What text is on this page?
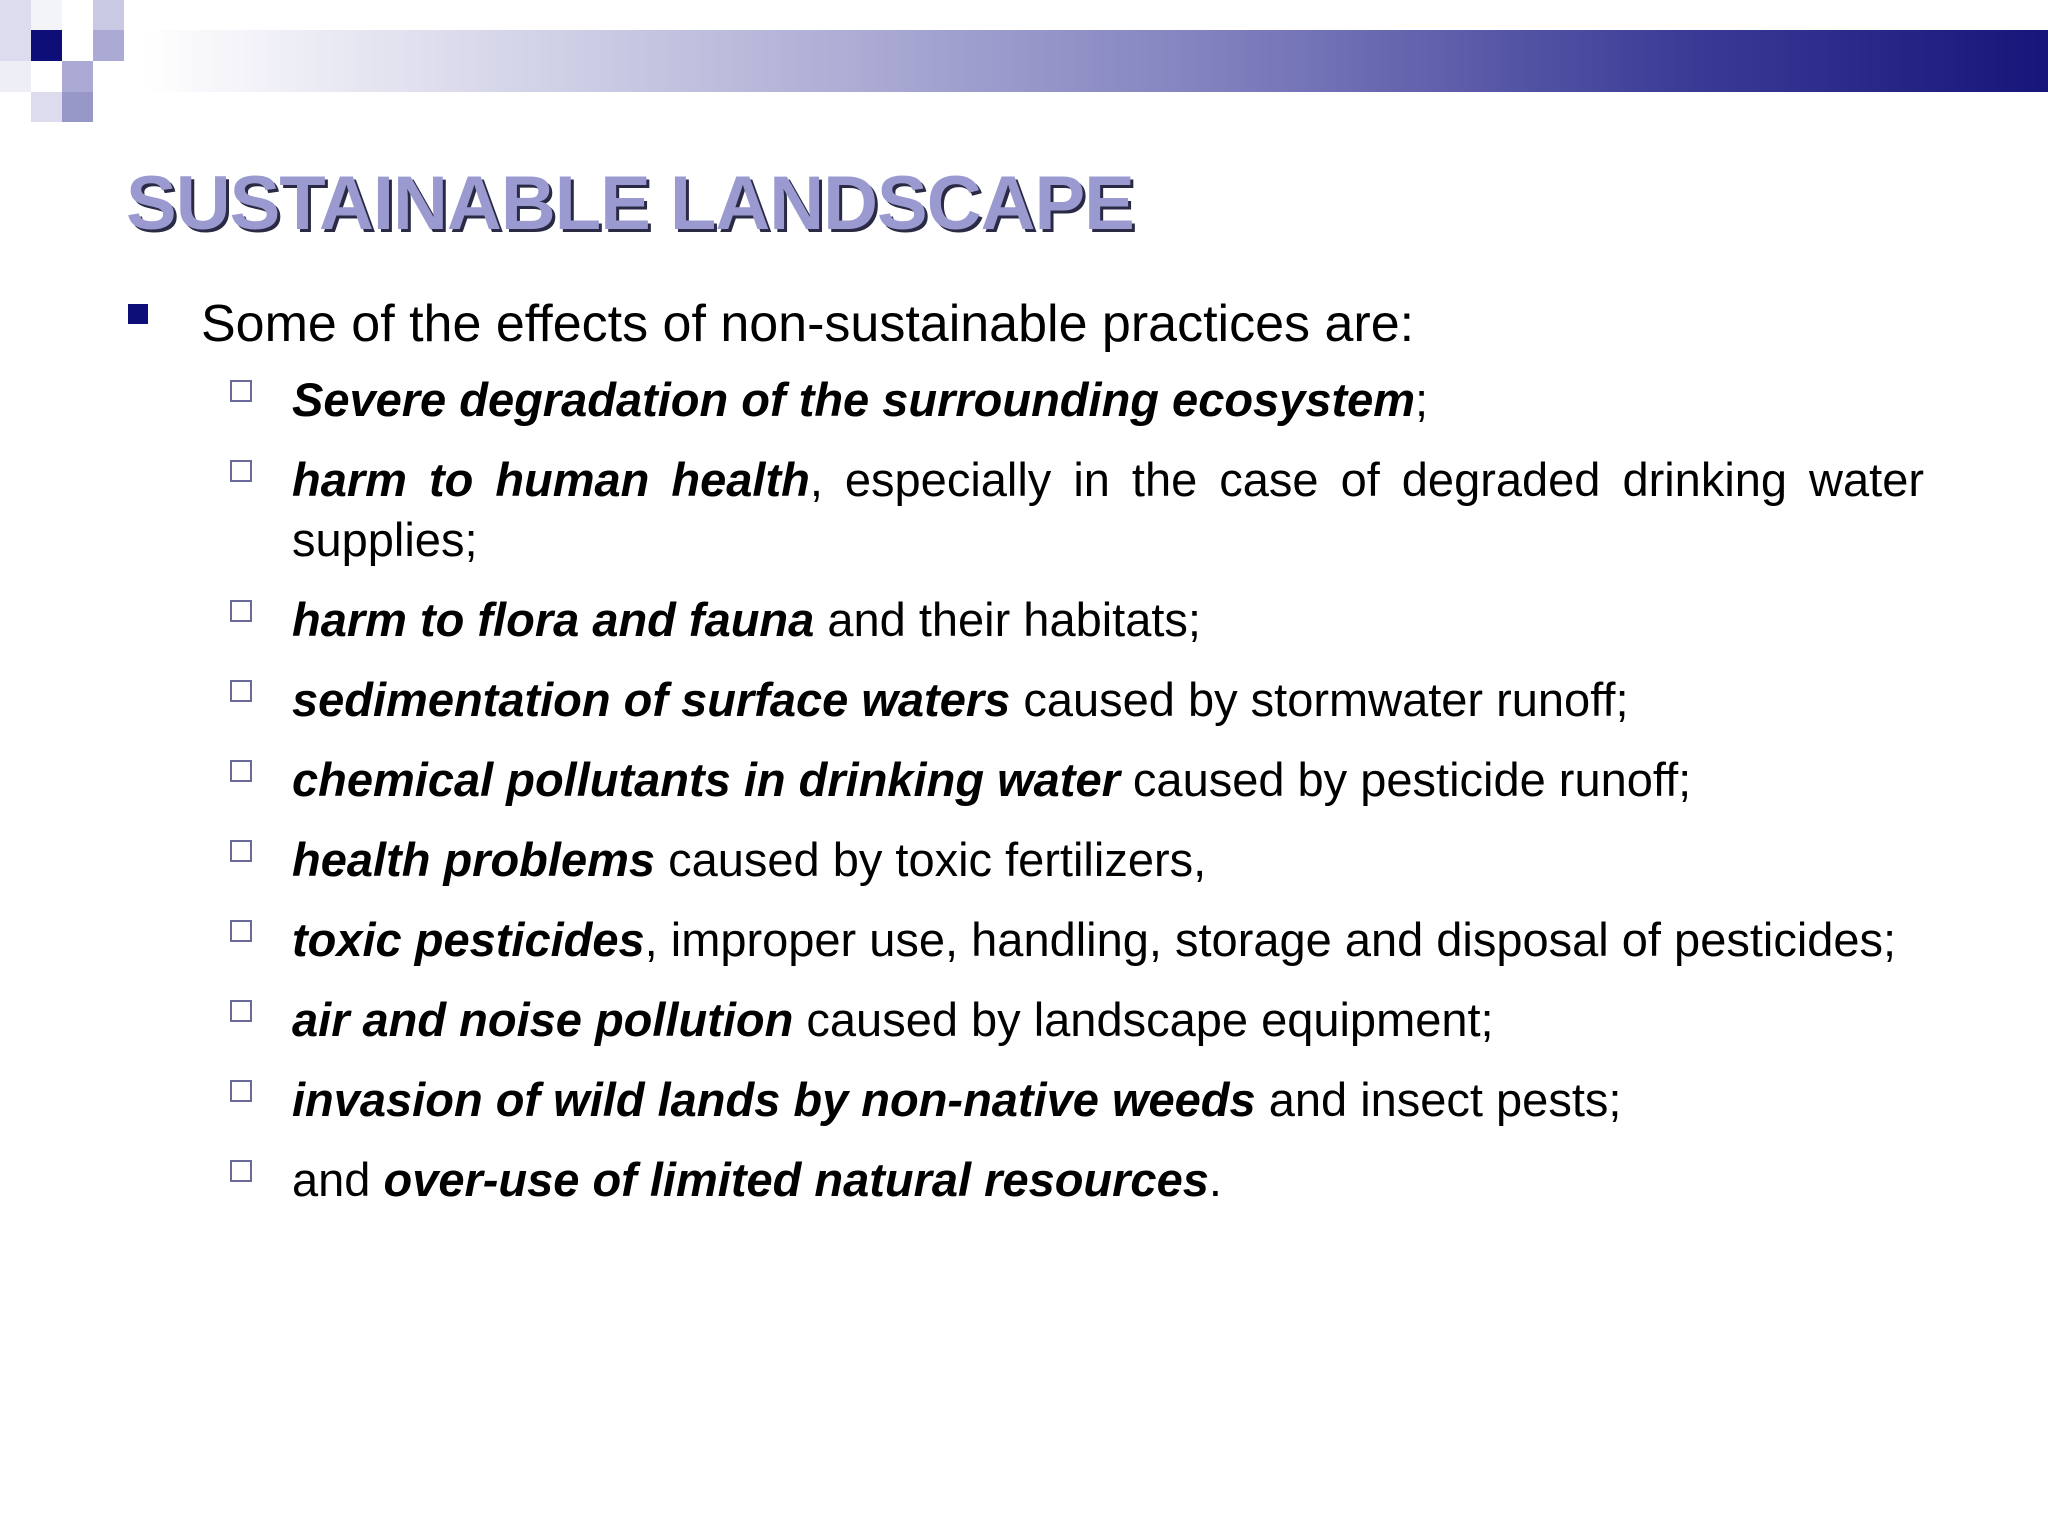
SUSTAINABLE LANDSCAPE
Some of the effects of non-sustainable practices are:

Severe degradation of the surrounding ecosystem;

harm to human health, especially in the case of degraded drinking water supplies;

harm to flora and fauna and their habitats;

sedimentation of surface waters caused by stormwater runoff;

chemical pollutants in drinking water caused by pesticide runoff;

health problems caused by toxic fertilizers,

toxic pesticides, improper use, handling, storage and disposal of pesticides;

air and noise pollution caused by landscape equipment;

invasion of wild lands by non-native weeds and insect pests;

and over-use of limited natural resources.
